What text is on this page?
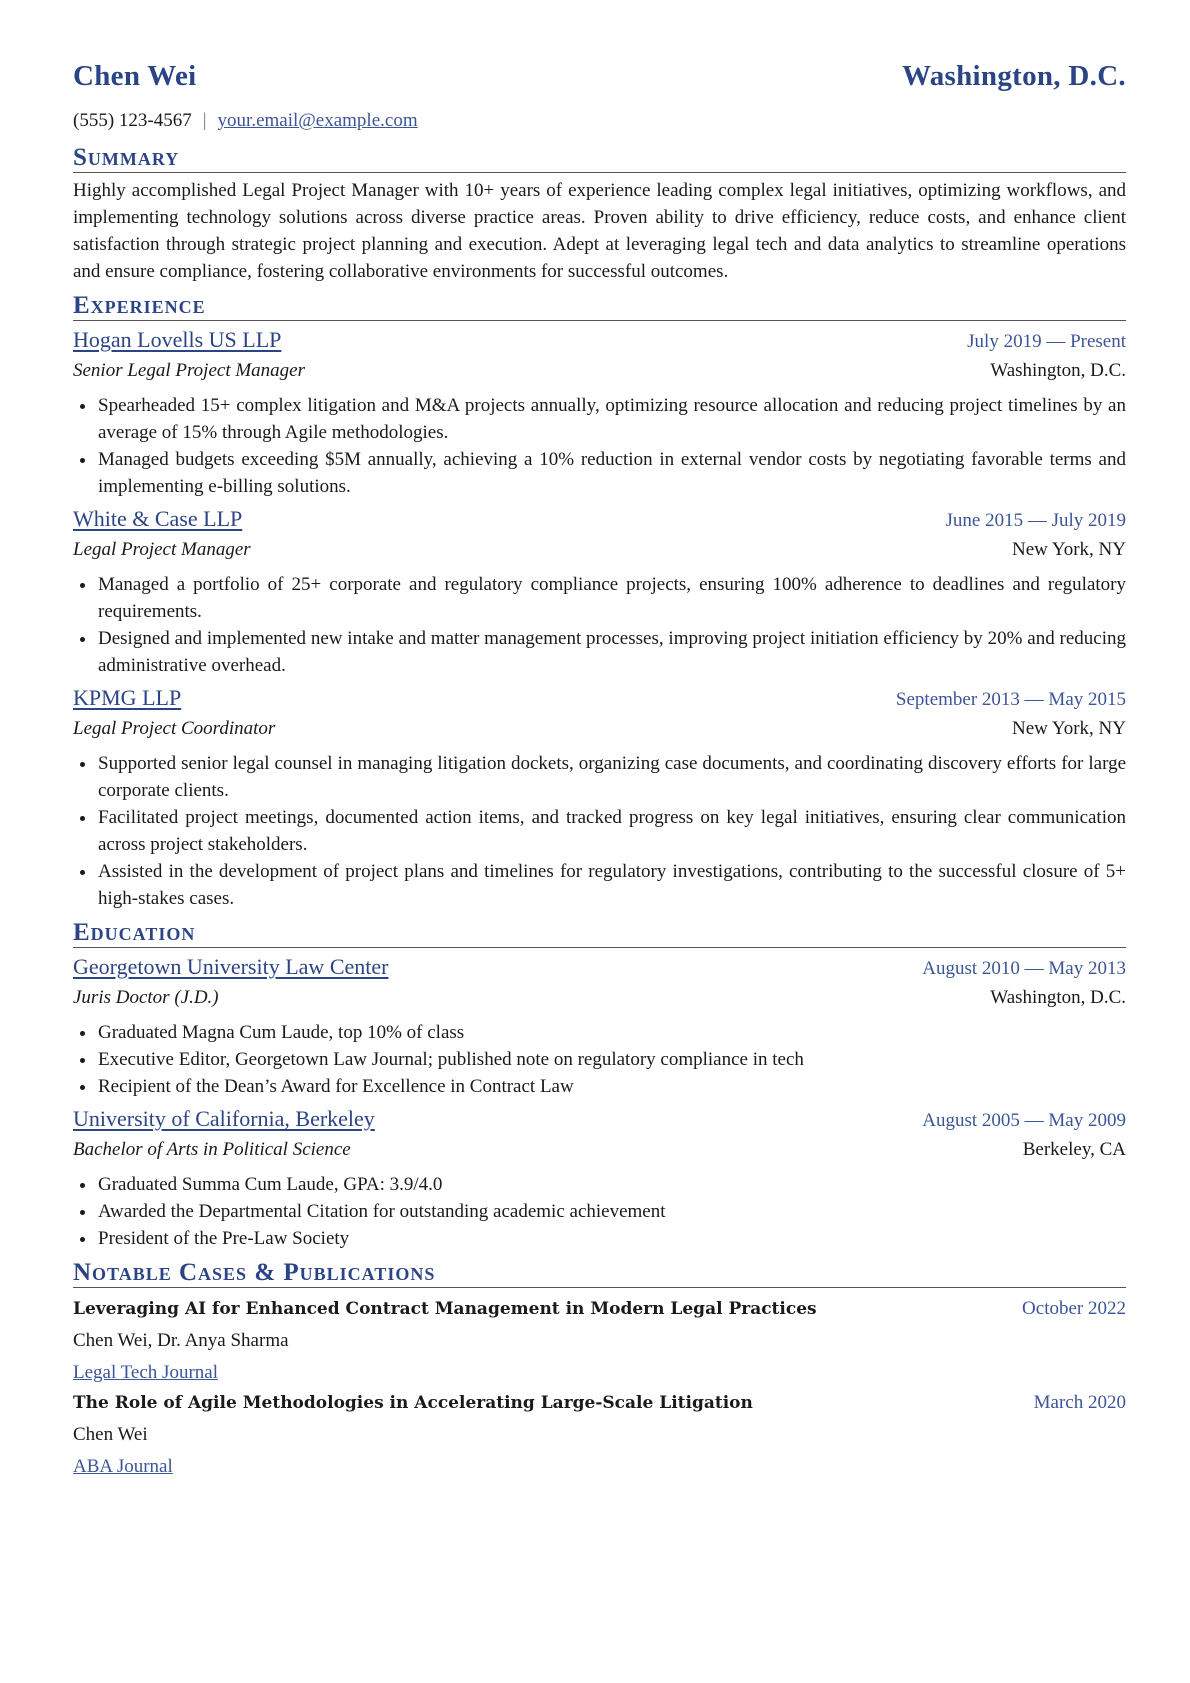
Chen Wei	Washington, D.C.
(555) 123-4567 | your.email@example.com
Summary

Highly accomplished Legal Project Manager with 10+ years of experience leading complex legal initiatives, optimizing workflows, and implementing technology solutions across diverse practice areas. Proven ability to drive efficiency, reduce costs, and enhance client satisfaction through strategic project planning and execution. Adept at leveraging legal tech and data analytics to streamline operations and ensure compliance, fostering collaborative environments for successful outcomes.

Experience
Hogan Lovells US LLP	July 2019 — Present
Senior Legal Project Manager	Washington, D.C.
Spearheaded 15+ complex litigation and M&A projects annually, optimizing resource allocation and reducing project timelines by an average of 15% through Agile methodologies.
Managed budgets exceeding $5M annually, achieving a 10% reduction in external vendor costs by negotiating favorable terms and implementing e-billing solutions.
White & Case LLP	June 2015 — July 2019
Legal Project Manager	New York, NY
Managed a portfolio of 25+ corporate and regulatory compliance projects, ensuring 100% adherence to deadlines and regulatory requirements.
Designed and implemented new intake and matter management processes, improving project initiation efficiency by 20% and reducing administrative overhead.
KPMG LLP	September 2013 — May 2015
Legal Project Coordinator	New York, NY
Supported senior legal counsel in managing litigation dockets, organizing case documents, and coordinating discovery efforts for large corporate clients.
Facilitated project meetings, documented action items, and tracked progress on key legal initiatives, ensuring clear communication across project stakeholders.
Assisted in the development of project plans and timelines for regulatory investigations, contributing to the successful closure of 5+ high-stakes cases.
Education
Georgetown University Law Center	August 2010 — May 2013
Juris Doctor (J.D.)	Washington, D.C.
Graduated Magna Cum Laude, top 10% of class
Executive Editor, Georgetown Law Journal; published note on regulatory compliance in tech
Recipient of the Dean’s Award for Excellence in Contract Law
University of California, Berkeley	August 2005 — May 2009
Bachelor of Arts in Political Science	Berkeley, CA
Graduated Summa Cum Laude, GPA: 3.9/4.0
Awarded the Departmental Citation for outstanding academic achievement
President of the Pre-Law Society
Notable Cases & Publications
Leveraging AI for Enhanced Contract Management in Modern Legal Practices	October 2022
Chen Wei, Dr. Anya Sharma
Legal Tech Journal
The Role of Agile Methodologies in Accelerating Large-Scale Litigation	March 2020
Chen Wei
ABA Journal
